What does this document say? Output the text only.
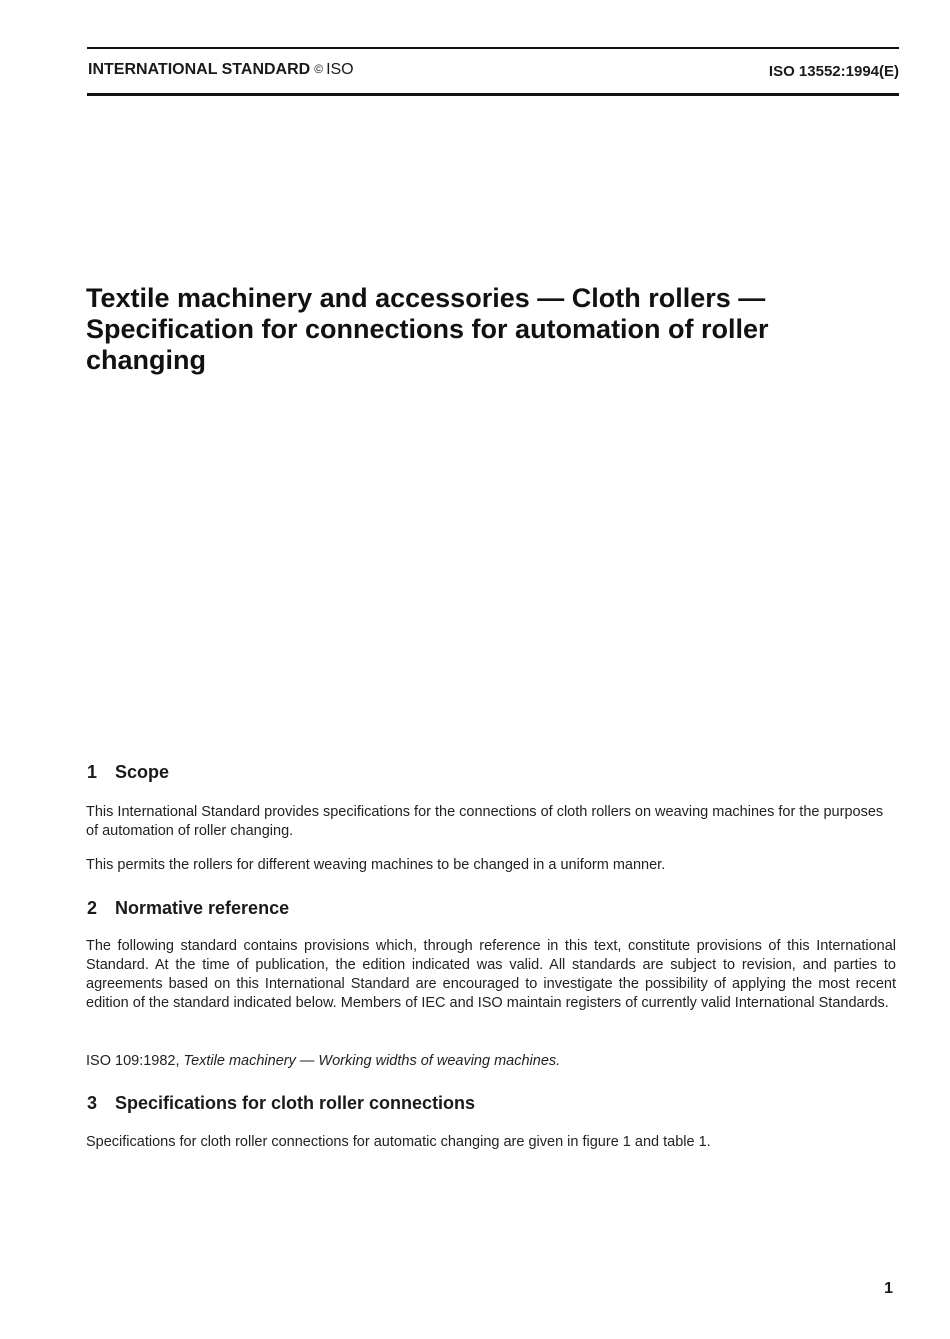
INTERNATIONAL STANDARD © ISO	ISO 13552:1994(E)
Textile machinery and accessories — Cloth rollers —
Specification for connections for automation of roller
changing
1 Scope

This International Standard provides specifications for the connections of cloth rollers on weaving machines for the purposes of automation of roller changing.

This permits the rollers for different weaving machines to be changed in a uniform manner.

2 Normative reference

The following standard contains provisions which, through reference in this text, constitute provisions of this International Standard. At the time of publication, the edition indicated was valid. All standards are subject to revision, and parties to agreements based on this International Standard are encouraged to investigate the possibility of applying the most recent edition of the standard indicated below. Members of IEC and ISO maintain registers of currently valid International Standards.

ISO 109:1982, Textile machinery — Working widths of weaving machines.

3 Specifications for cloth roller connections

Specifications for cloth roller connections for automatic changing are given in figure 1 and table 1.

1
